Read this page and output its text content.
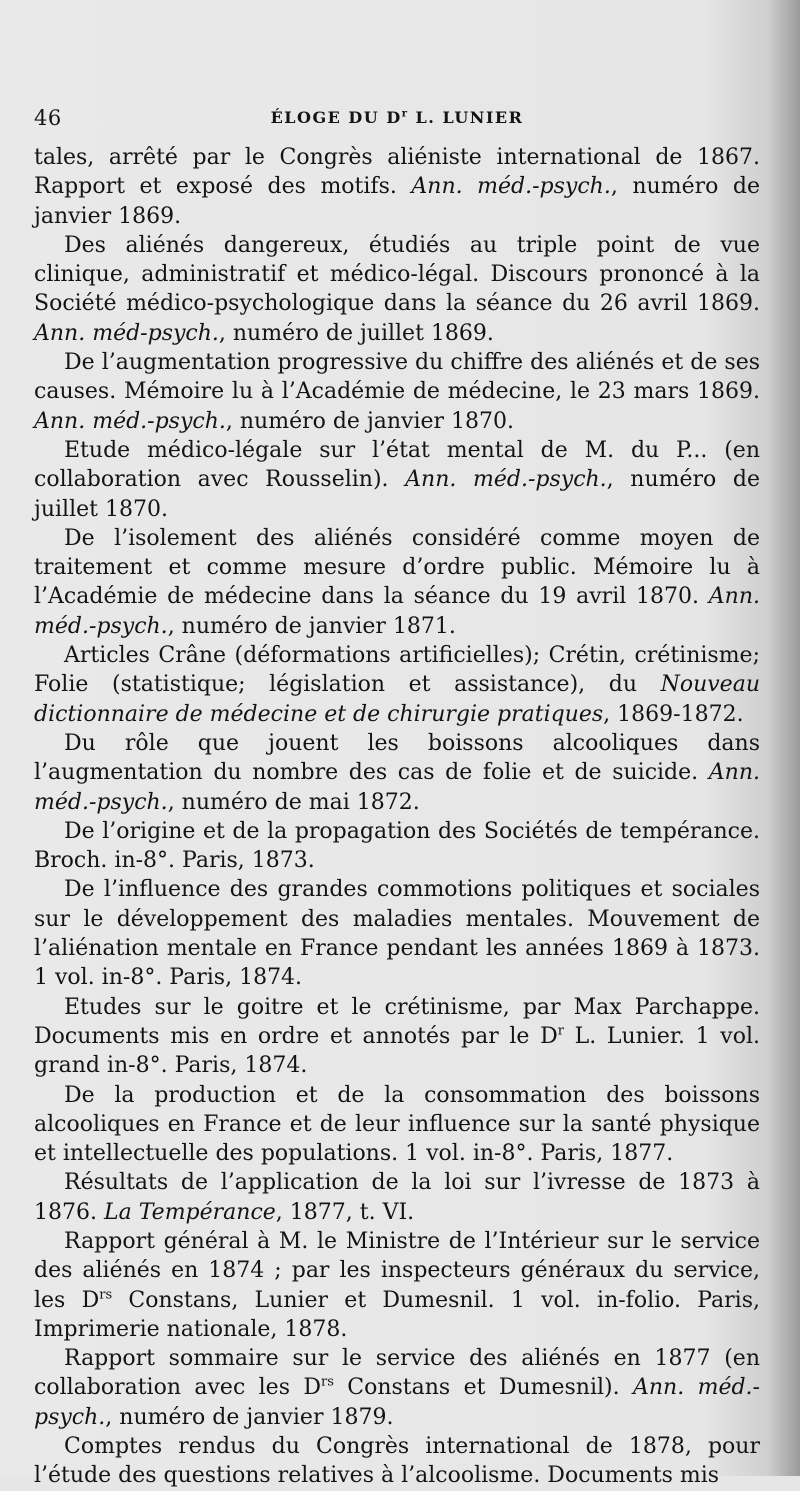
46	ÉLOGE DU $D^r$ L. LUNIER

tales, arrêté par le Congrès aliéniste international de 1867. Rapport et exposé des motifs. Ann. méd.-psych., numéro de janvier 1869.

Des aliénés dangereux, étudiés au triple point de vue clinique, administratif et médico-légal. Discours prononcé à la Société médico-psychologique dans la séance du 26 avril 1869. Ann. méd-psych., numéro de juillet 1869.

De l’augmentation progressive du chiffre des aliénés et de ses causes. Mémoire lu à l’Académie de médecine, le 23 mars 1869. Ann. méd.-psych., numéro de janvier 1870.

Etude médico-légale sur l’état mental de M. du P... (en collaboration avec Rousselin). Ann. méd.-psych., numéro de juillet 1870.

De l’isolement des aliénés considéré comme moyen de traitement et comme mesure d’ordre public. Mémoire lu à l’Académie de médecine dans la séance du 19 avril 1870. Ann. méd.-psych., numéro de janvier 1871.

Articles Crâne (déformations artificielles); Crétin, crétinisme; Folie (statistique; législation et assistance), du Nouveau dictionnaire de médecine et de chirurgie pratiques, 1869-1872.

Du rôle que jouent les boissons alcooliques dans l’augmentation du nombre des cas de folie et de suicide. Ann. méd.-psych., numéro de mai 1872.

De l’origine et de la propagation des Sociétés de tempérance. Broch. in-8°. Paris, 1873.

De l’influence des grandes commotions politiques et sociales sur le développement des maladies mentales. Mouvement de l’aliénation mentale en France pendant les années 1869 à 1873. 1 vol. in-8°. Paris, 1874.

Etudes sur le goitre et le crétinisme, par Max Parchappe. Documents mis en ordre et annotés par le $D^r$ L. Lunier. 1 vol. grand in-8°. Paris, 1874.

De la production et de la consommation des boissons alcooliques en France et de leur influence sur la santé physique et intellectuelle des populations. 1 vol. in-8°. Paris, 1877.

Résultats de l’application de la loi sur l’ivresse de 1873 à 1876. La Tempérance, 1877, t. VI.

Rapport général à M. le Ministre de l’Intérieur sur le service des aliénés en 1874 ; par les inspecteurs généraux du service, les $D^{rs}$ Constans, Lunier et Dumesnil. 1 vol. in-folio. Paris, Imprimerie nationale, 1878.

Rapport sommaire sur le service des aliénés en 1877 (en collaboration avec les $D^{rs}$ Constans et Dumesnil). Ann. méd.-psych., numéro de janvier 1879.

Comptes rendus du Congrès international de 1878, pour l’étude des questions relatives à l’alcoolisme. Documents mis
